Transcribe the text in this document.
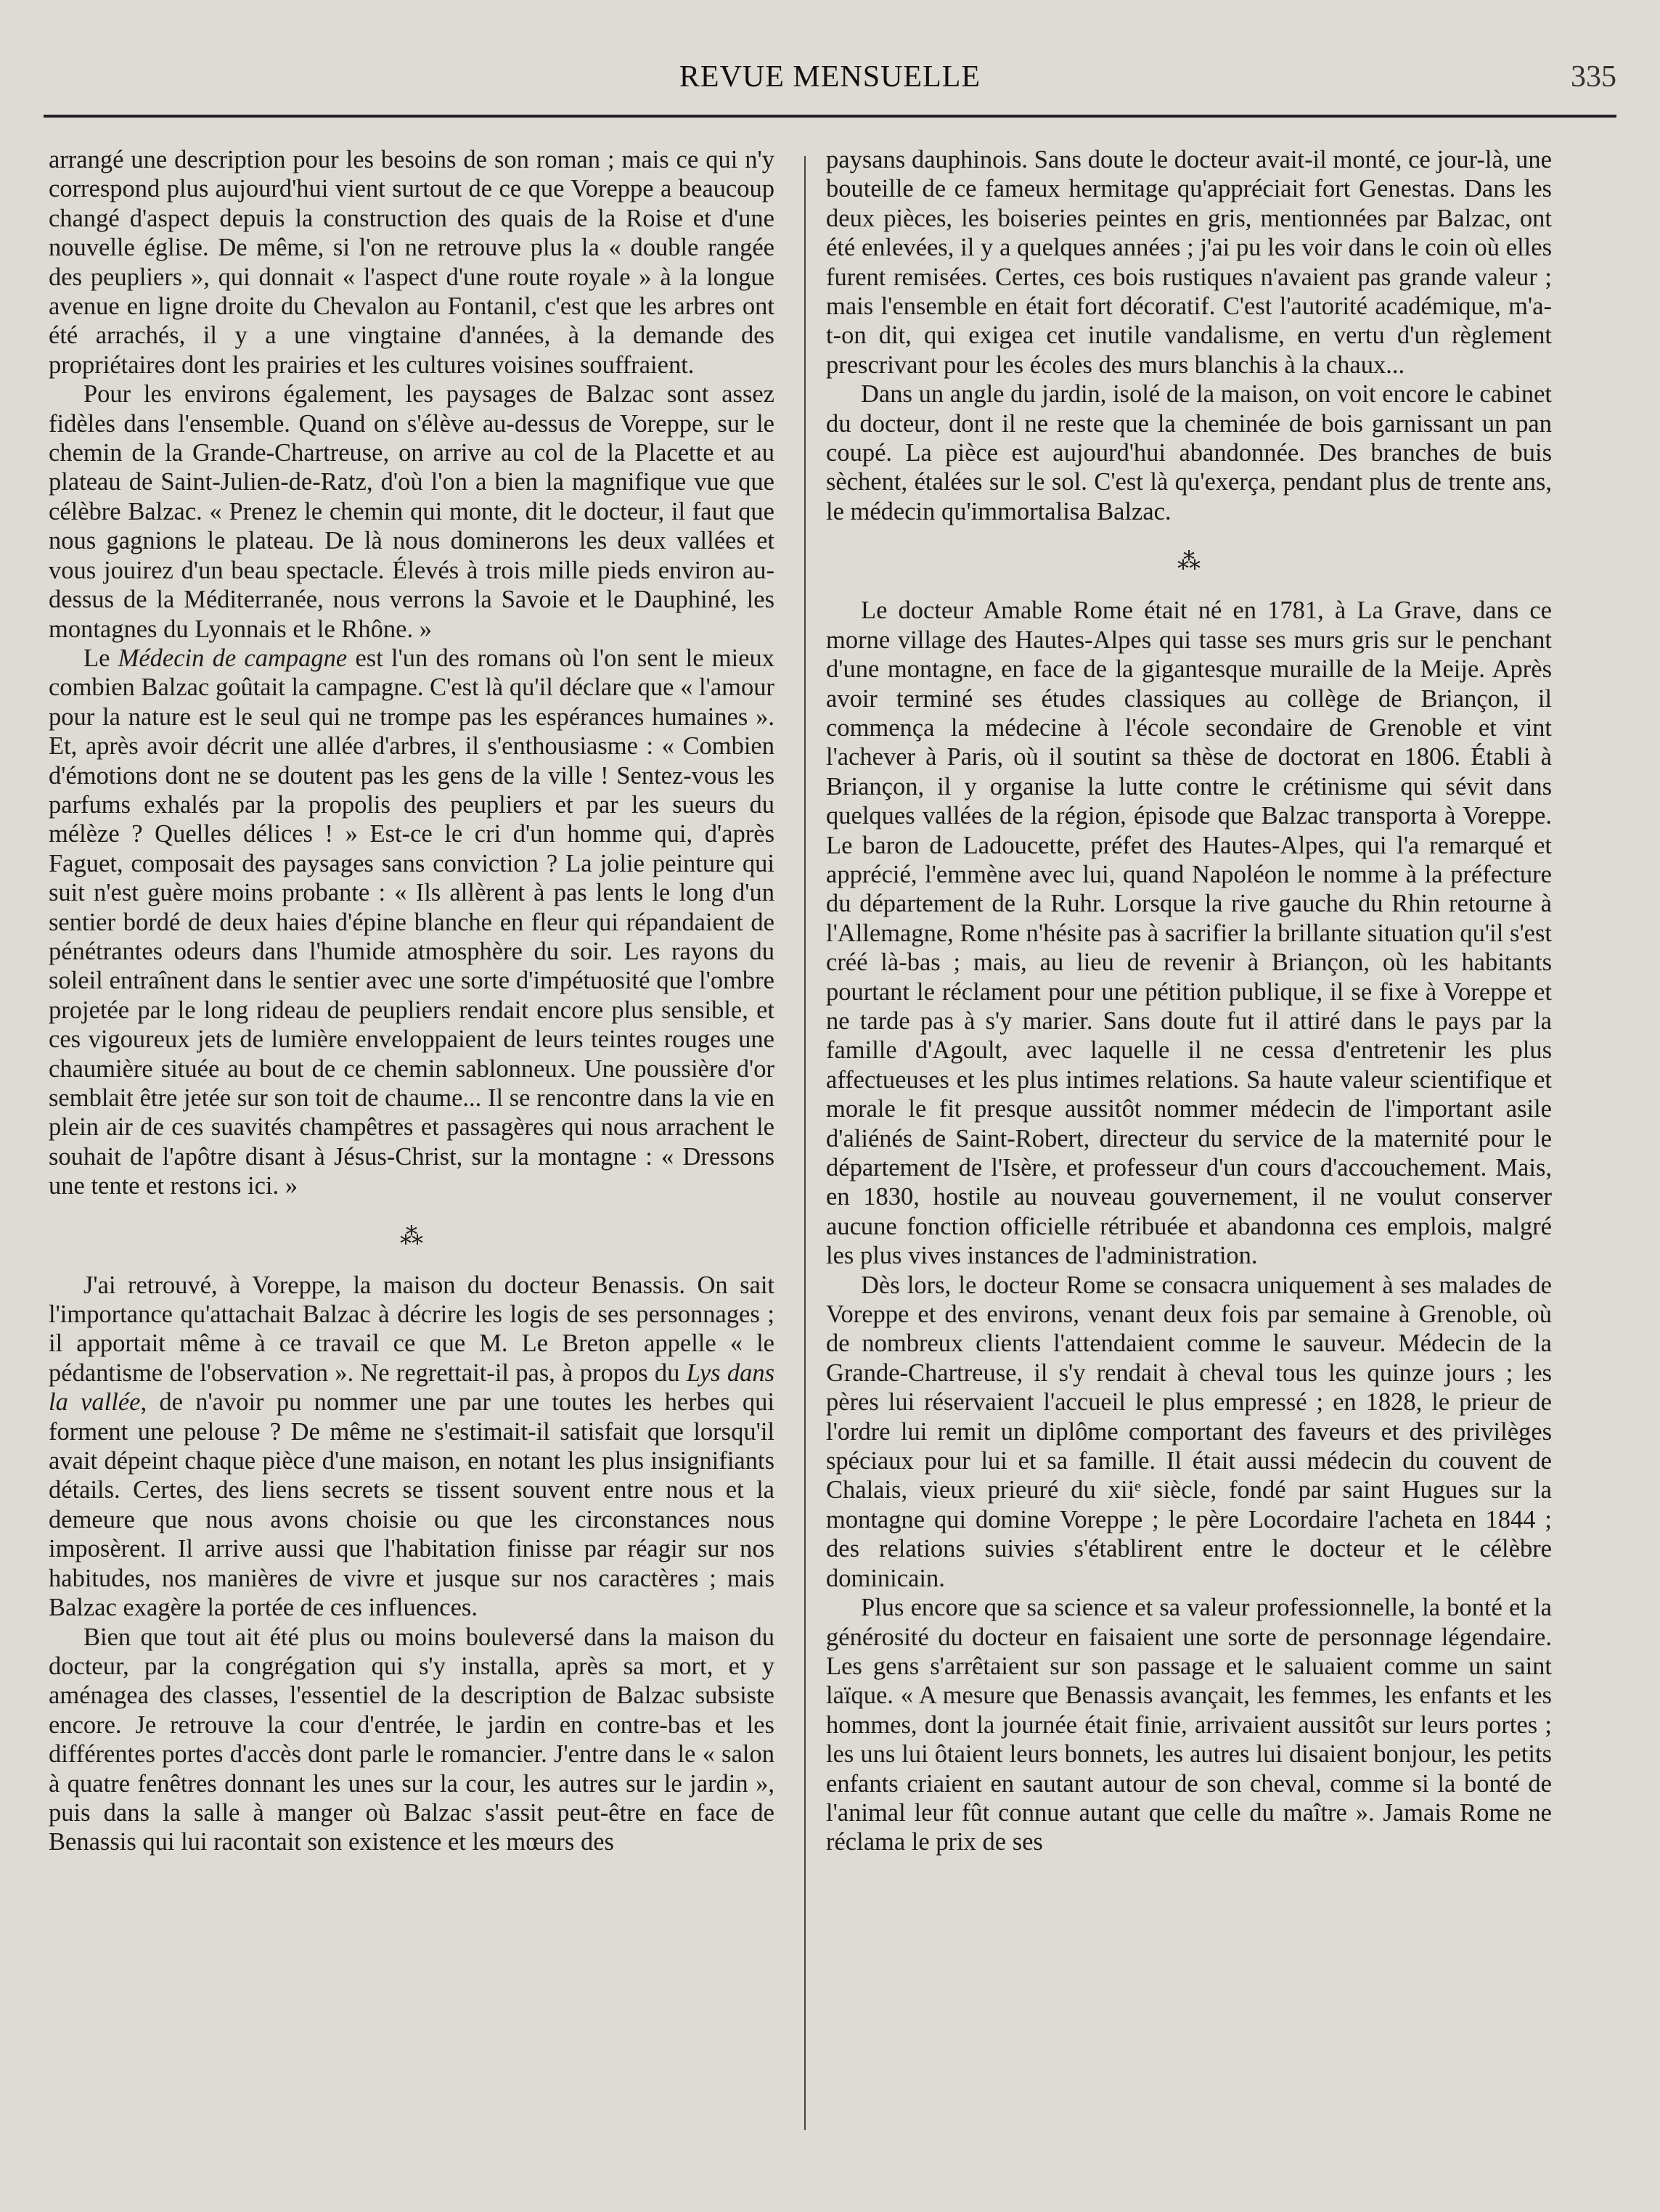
REVUE MENSUELLE	335

arrangé une description pour les besoins de son roman ; mais ce qui n'y correspond plus aujourd'hui vient surtout de ce que Voreppe a beaucoup changé d'aspect depuis la construction des quais de la Roise et d'une nouvelle église. De même, si l'on ne retrouve plus la « double rangée des peupliers », qui donnait « l'aspect d'une route royale » à la longue avenue en ligne droite du Chevalon au Fontanil, c'est que les arbres ont été arrachés, il y a une vingtaine d'années, à la demande des propriétaires dont les prairies et les cultures voisines souffraient.

Pour les environs également, les paysages de Balzac sont assez fidèles dans l'ensemble. Quand on s'élève au-dessus de Voreppe, sur le chemin de la Grande-Chartreuse, on arrive au col de la Placette et au plateau de Saint-Julien-de-Ratz, d'où l'on a bien la magnifique vue que célèbre Balzac. « Prenez le chemin qui monte, dit le docteur, il faut que nous gagnions le plateau. De là nous dominerons les deux vallées et vous jouirez d'un beau spectacle. Élevés à trois mille pieds environ au-dessus de la Méditerranée, nous verrons la Savoie et le Dauphiné, les montagnes du Lyonnais et le Rhône. »

Le Médecin de campagne est l'un des romans où l'on sent le mieux combien Balzac goûtait la campagne. C'est là qu'il déclare que « l'amour pour la nature est le seul qui ne trompe pas les espérances humaines ». Et, après avoir décrit une allée d'arbres, il s'enthousiasme : « Combien d'émotions dont ne se doutent pas les gens de la ville ! Sentez-vous les parfums exhalés par la propolis des peupliers et par les sueurs du mélèze ? Quelles délices ! » Est-ce le cri d'un homme qui, d'après Faguet, composait des paysages sans conviction ? La jolie peinture qui suit n'est guère moins probante : « Ils allèrent à pas lents le long d'un sentier bordé de deux haies d'épine blanche en fleur qui répandaient de pénétrantes odeurs dans l'humide atmosphère du soir. Les rayons du soleil entraînent dans le sentier avec une sorte d'impétuosité que l'ombre projetée par le long rideau de peupliers rendait encore plus sensible, et ces vigoureux jets de lumière enveloppaient de leurs teintes rouges une chaumière située au bout de ce chemin sablonneux. Une poussière d'or semblait être jetée sur son toit de chaume... Il se rencontre dans la vie en plein air de ces suavités champêtres et passagères qui nous arrachent le souhait de l'apôtre disant à Jésus-Christ, sur la montagne : « Dressons une tente et restons ici. »

⁂

J'ai retrouvé, à Voreppe, la maison du docteur Benassis. On sait l'importance qu'attachait Balzac à décrire les logis de ses personnages ; il apportait même à ce travail ce que M. Le Breton appelle « le pédantisme de l'observation ». Ne regrettait-il pas, à propos du Lys dans la vallée, de n'avoir pu nommer une par une toutes les herbes qui forment une pelouse ? De même ne s'estimait-il satisfait que lorsqu'il avait dépeint chaque pièce d'une maison, en notant les plus insignifiants détails. Certes, des liens secrets se tissent souvent entre nous et la demeure que nous avons choisie ou que les circonstances nous imposèrent. Il arrive aussi que l'habitation finisse par réagir sur nos habitudes, nos manières de vivre et jusque sur nos caractères ; mais Balzac exagère la portée de ces influences.

Bien que tout ait été plus ou moins bouleversé dans la maison du docteur, par la congrégation qui s'y installa, après sa mort, et y aménagea des classes, l'essentiel de la description de Balzac subsiste encore. Je retrouve la cour d'entrée, le jardin en contre-bas et les différentes portes d'accès dont parle le romancier. J'entre dans le « salon à quatre fenêtres donnant les unes sur la cour, les autres sur le jardin », puis dans la salle à manger où Balzac s'assit peut-être en face de Benassis qui lui racontait son existence et les mœurs des

paysans dauphinois. Sans doute le docteur avait-il monté, ce jour-là, une bouteille de ce fameux hermitage qu'appréciait fort Genestas. Dans les deux pièces, les boiseries peintes en gris, mentionnées par Balzac, ont été enlevées, il y a quelques années ; j'ai pu les voir dans le coin où elles furent remisées. Certes, ces bois rustiques n'avaient pas grande valeur ; mais l'ensemble en était fort décoratif. C'est l'autorité académique, m'a-t-on dit, qui exigea cet inutile vandalisme, en vertu d'un règlement prescrivant pour les écoles des murs blanchis à la chaux...

Dans un angle du jardin, isolé de la maison, on voit encore le cabinet du docteur, dont il ne reste que la cheminée de bois garnissant un pan coupé. La pièce est aujourd'hui abandonnée. Des branches de buis sèchent, étalées sur le sol. C'est là qu'exerça, pendant plus de trente ans, le médecin qu'immortalisa Balzac.

⁂

Le docteur Amable Rome était né en 1781, à La Grave, dans ce morne village des Hautes-Alpes qui tasse ses murs gris sur le penchant d'une montagne, en face de la gigantesque muraille de la Meije. Après avoir terminé ses études classiques au collège de Briançon, il commença la médecine à l'école secondaire de Grenoble et vint l'achever à Paris, où il soutint sa thèse de doctorat en 1806. Établi à Briançon, il y organise la lutte contre le crétinisme qui sévit dans quelques vallées de la région, épisode que Balzac transporta à Voreppe. Le baron de Ladoucette, préfet des Hautes-Alpes, qui l'a remarqué et apprécié, l'emmène avec lui, quand Napoléon le nomme à la préfecture du département de la Ruhr. Lorsque la rive gauche du Rhin retourne à l'Allemagne, Rome n'hésite pas à sacrifier la brillante situation qu'il s'est créé là-bas ; mais, au lieu de revenir à Briançon, où les habitants pourtant le réclament pour une pétition publique, il se fixe à Voreppe et ne tarde pas à s'y marier. Sans doute fut il attiré dans le pays par la famille d'Agoult, avec laquelle il ne cessa d'entretenir les plus affectueuses et les plus intimes relations. Sa haute valeur scientifique et morale le fit presque aussitôt nommer médecin de l'important asile d'aliénés de Saint-Robert, directeur du service de la maternité pour le département de l'Isère, et professeur d'un cours d'accouchement. Mais, en 1830, hostile au nouveau gouvernement, il ne voulut conserver aucune fonction officielle rétribuée et abandonna ces emplois, malgré les plus vives instances de l'administration.

Dès lors, le docteur Rome se consacra uniquement à ses malades de Voreppe et des environs, venant deux fois par semaine à Grenoble, où de nombreux clients l'attendaient comme le sauveur. Médecin de la Grande-Chartreuse, il s'y rendait à cheval tous les quinze jours ; les pères lui réservaient l'accueil le plus empressé ; en 1828, le prieur de l'ordre lui remit un diplôme comportant des faveurs et des privilèges spéciaux pour lui et sa famille. Il était aussi médecin du couvent de Chalais, vieux prieuré du xiiᵉ siècle, fondé par saint Hugues sur la montagne qui domine Voreppe ; le père Locordaire l'acheta en 1844 ; des relations suivies s'établirent entre le docteur et le célèbre dominicain.

Plus encore que sa science et sa valeur professionnelle, la bonté et la générosité du docteur en faisaient une sorte de personnage légendaire. Les gens s'arrêtaient sur son passage et le saluaient comme un saint laïque. « A mesure que Benassis avançait, les femmes, les enfants et les hommes, dont la journée était finie, arrivaient aussitôt sur leurs portes ; les uns lui ôtaient leurs bonnets, les autres lui disaient bonjour, les petits enfants criaient en sautant autour de son cheval, comme si la bonté de l'animal leur fût connue autant que celle du maître ». Jamais Rome ne réclama le prix de ses
